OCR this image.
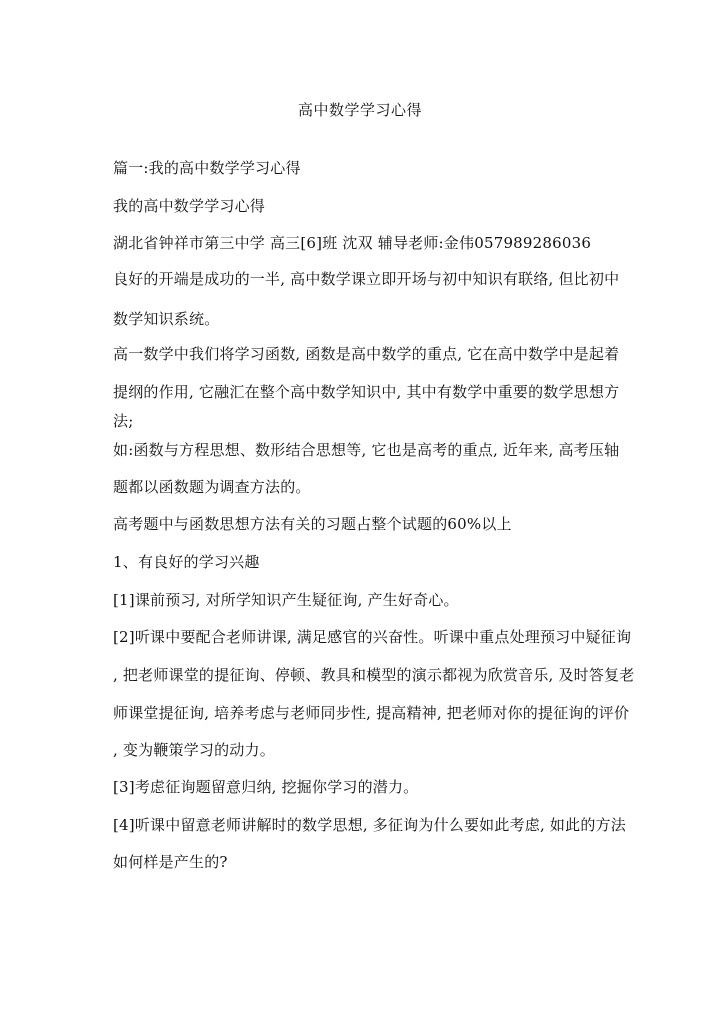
高中数学学习心得
篇一:我的高中数学学习心得
我的高中数学学习心得
湖北省钟祥市第三中学 高三[6]班 沈双 辅导老师:金伟057989286036
良好的开端是成功的一半, 高中数学课立即开场与初中知识有联络, 但比初中
数学知识系统。
高一数学中我们将学习函数, 函数是高中数学的重点, 它在高中数学中是起着
提纲的作用, 它融汇在整个高中数学知识中, 其中有数学中重要的数学思想方
法;
如:函数与方程思想、数形结合思想等, 它也是高考的重点, 近年来, 高考压轴
题都以函数题为调查方法的。
高考题中与函数思想方法有关的习题占整个试题的60%以上
1、有良好的学习兴趣
[1]课前预习, 对所学知识产生疑征询, 产生好奇心。
[2]听课中要配合老师讲课, 满足感官的兴奋性。听课中重点处理预习中疑征询
, 把老师课堂的提征询、停顿、教具和模型的演示都视为欣赏音乐, 及时答复老
师课堂提征询, 培养考虑与老师同步性, 提高精神, 把老师对你的提征询的评价
, 变为鞭策学习的动力。
[3]考虑征询题留意归纳, 挖掘你学习的潜力。
[4]听课中留意老师讲解时的数学思想, 多征询为什么要如此考虑, 如此的方法
如何样是产生的?
